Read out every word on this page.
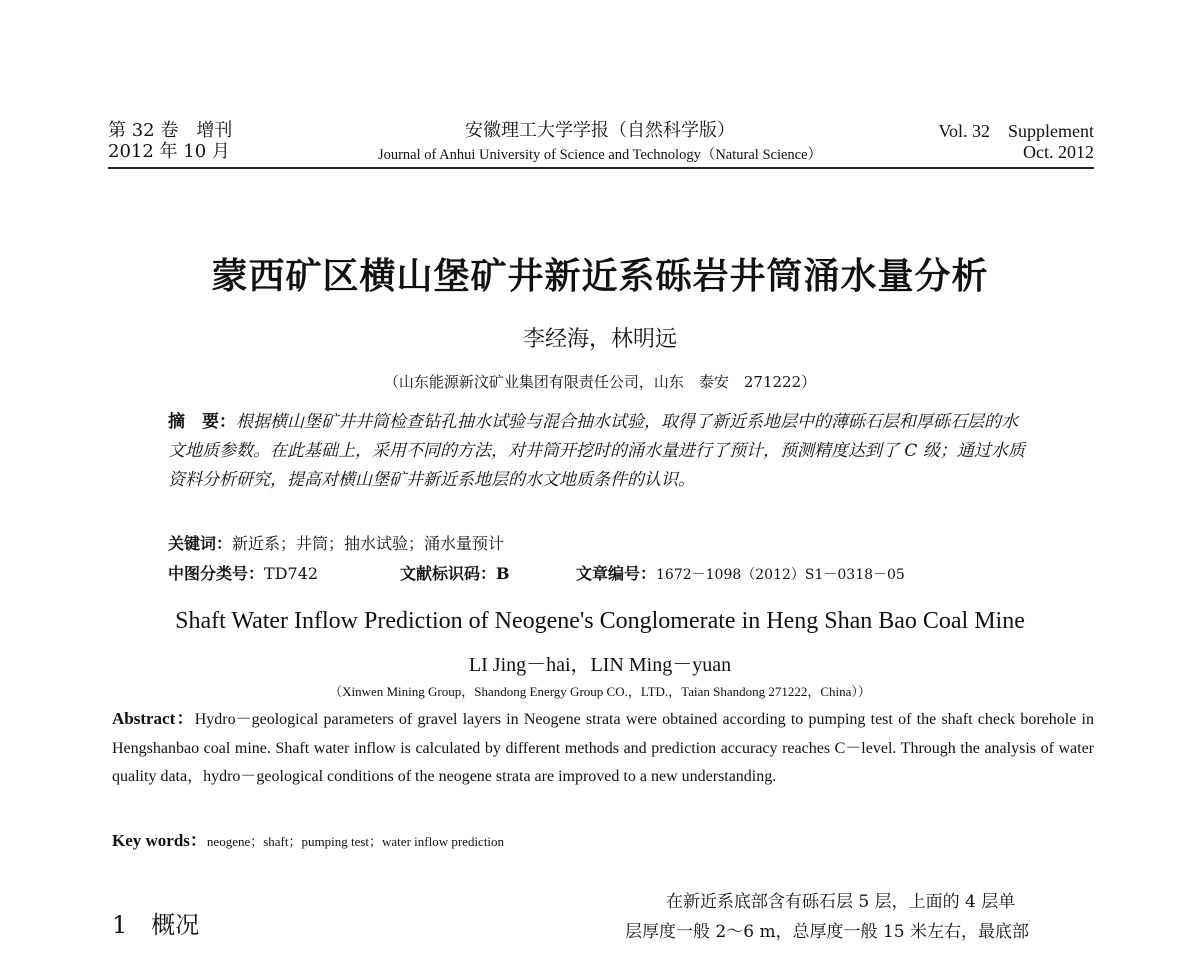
第 32 卷　增刊
2012 年 10 月
安徽理工大学学报（自然科学版）
Journal of Anhui University of Science and Technology（Natural Science）
Vol. 32　Supplement
Oct. 2012
蒙西矿区横山堡矿井新近系砾岩井筒涌水量分析
李经海，林明远
（山东能源新汶矿业集团有限责任公司，山东　泰安　271222）
摘　要：根据横山堡矿井井筒检查钻孔抽水试验与混合抽水试验，取得了新近系地层中的薄砾石层和厚砾石层的水文地质参数。在此基础上，采用不同的方法，对井筒开挖时的涌水量进行了预计，预测精度达到了 C 级；通过水质资料分析研究，提高对横山堡矿井新近系地层的水文地质条件的认识。
关键词：新近系；井筒；抽水试验；涌水量预计
中图分类号：TD742	文献标识码：B	文章编号：1672－1098（2012）S1－0318－05
Shaft Water Inflow Prediction of Neogene's Conglomerate in Heng Shan Bao Coal Mine
LI Jing－hai，LIN Ming－yuan
（Xinwen Mining Group，Shandong Energy Group CO.，LTD.，Taian Shandong 271222，China））
Abstract：Hydro－geological parameters of gravel layers in Neogene strata were obtained according to pumping test of the shaft check borehole in Hengshanbao coal mine. Shaft water inflow is calculated by different methods and prediction accuracy reaches C－level. Through the analysis of water quality data，hydro－geological conditions of the neogene strata are improved to a new understanding.
Key words：neogene；shaft；pumping test；water inflow prediction
1 概况
在新近系底部含有砾石层 5 层，上面的 4 层单
层厚度一般 2～6 m，总厚度一般 15 米左右，最底部
